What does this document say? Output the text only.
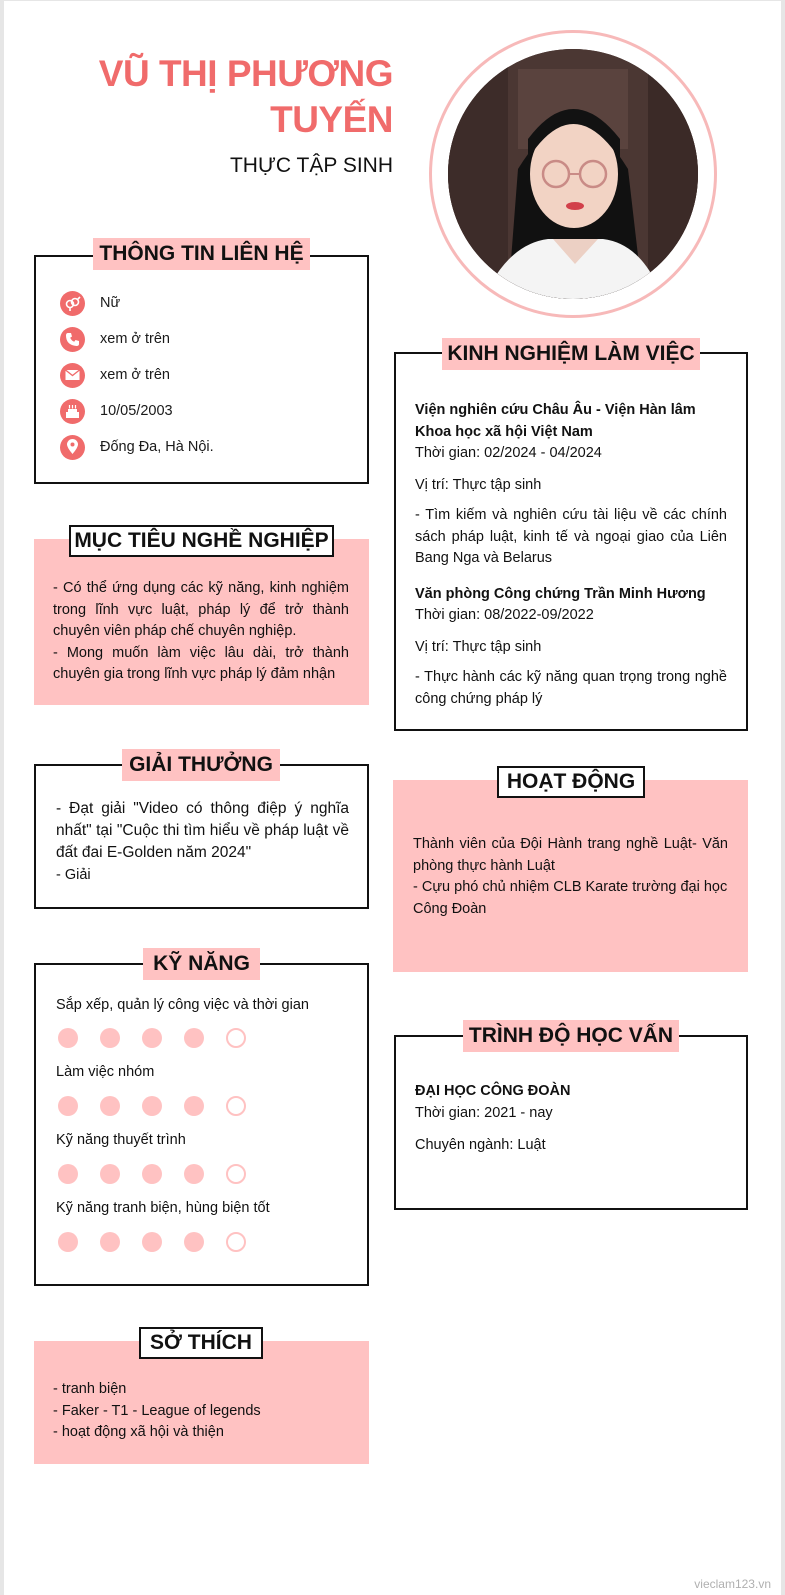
VŨ THỊ PHƯƠNG
TUYẾN
THỰC TẬP SINH
Nữ
xem ở trên
xem ở trên
10/05/2003
Đống Đa, Hà Nội.
THÔNG TIN LIÊN HỆ
- Có thể ứng dụng các kỹ năng, kinh nghiệm trong lĩnh vực luật, pháp lý để trở thành chuyên viên pháp chế chuyên nghiệp.
- Mong muốn làm việc lâu dài, trở thành chuyên gia trong lĩnh vực pháp lý đảm nhận
MỤC TIÊU NGHỀ NGHIỆP
- Đạt giải "Video có thông điệp ý nghĩa nhất" tại "Cuộc thi tìm hiểu về pháp luật về đất đai E-Golden năm 2024"
- Giải
GIẢI THƯỞNG
Sắp xếp, quản lý công việc và thời gian
Làm việc nhóm
Kỹ năng thuyết trình
Kỹ năng tranh biện, hùng biện tốt
KỸ NĂNG
- tranh biện
- Faker - T1 - League of legends
- hoạt động xã hội và thiện
SỞ THÍCH
Viện nghiên cứu Châu Âu - Viện Hàn lâm Khoa học xã hội Việt Nam
Thời gian: 02/2024 - 04/2024
Vị trí: Thực tập sinh
- Tìm kiếm và nghiên cứu tài liệu về các chính sách pháp luật, kinh tế và ngoại giao của Liên Bang Nga và Belarus
Văn phòng Công chứng Trần Minh Hương
Thời gian: 08/2022-09/2022
Vị trí: Thực tập sinh
- Thực hành các kỹ năng quan trọng trong nghề công chứng pháp lý
KINH NGHIỆM LÀM VIỆC
Thành viên của Đội Hành trang nghề Luật- Văn phòng thực hành Luật
- Cựu phó chủ nhiệm CLB Karate trường đại học Công Đoàn
HOẠT ĐỘNG
ĐẠI HỌC CÔNG ĐOÀN
Thời gian: 2021 - nay
Chuyên ngành: Luật
TRÌNH ĐỘ HỌC VẤN
vieclam123.vn
